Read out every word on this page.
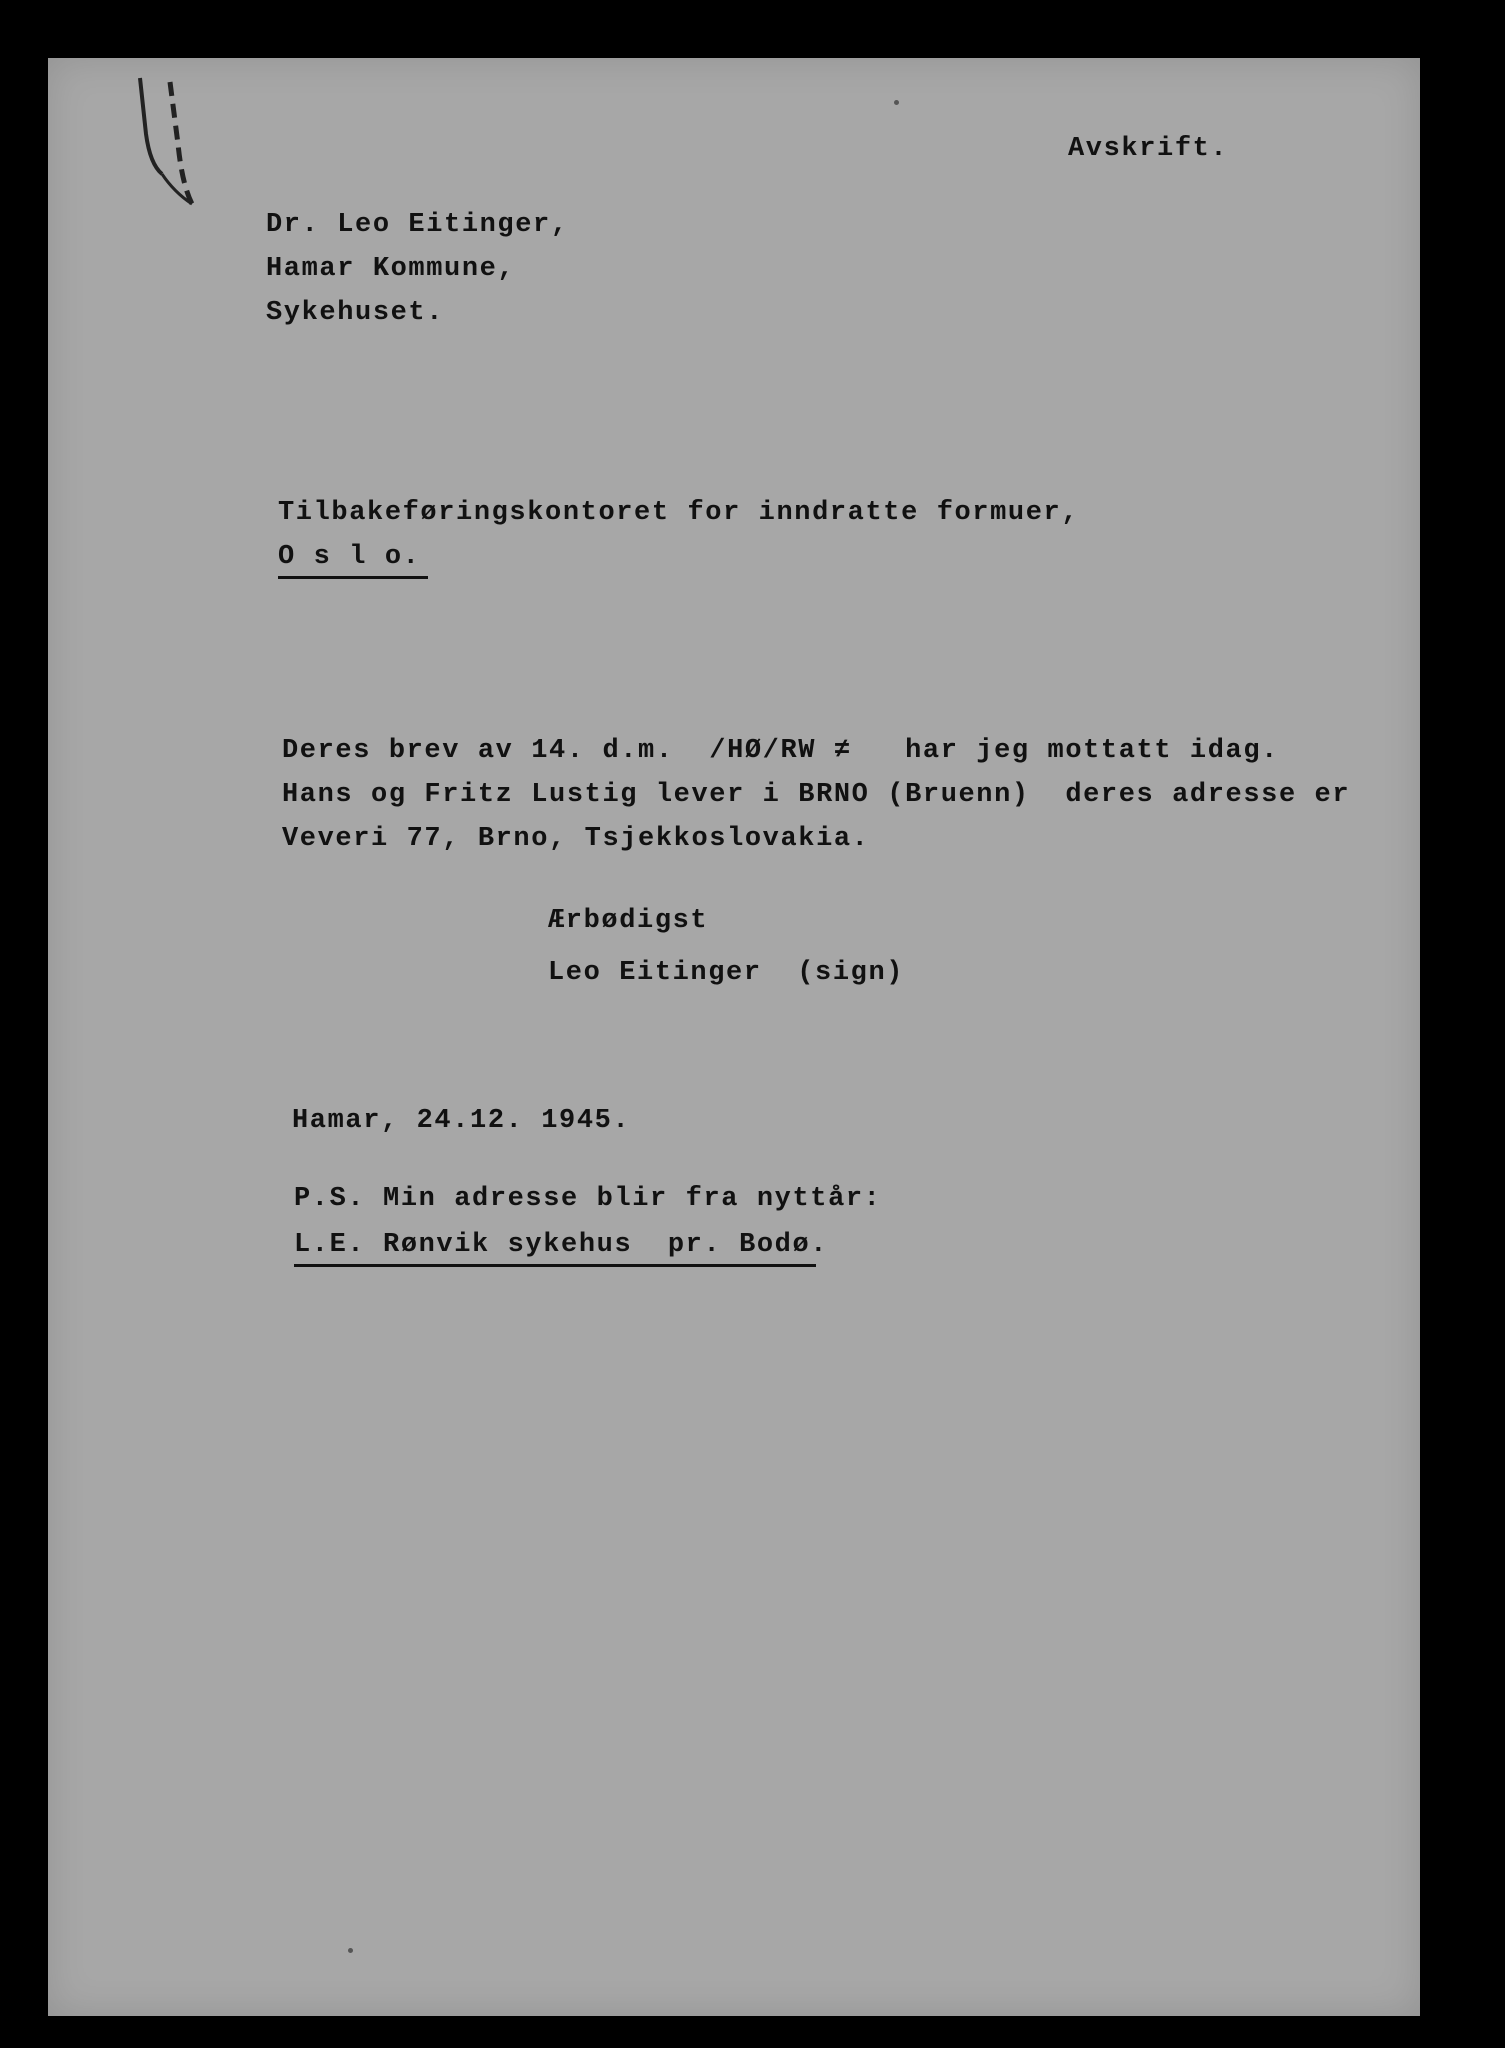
Avskrift.
Dr. Leo Eitinger,
Hamar Kommune,
Sykehuset.
Tilbakeføringskontoret for inndratte formuer,
O s l o.
Deres brev av 14. d.m.  /HØ/RW ≠   har jeg mottatt idag.
Hans og Fritz Lustig lever i BRNO (Bruenn)  deres adresse er
Veveri 77, Brno, Tsjekkoslovakia.
Ærbødigst
Leo Eitinger  (sign)
Hamar, 24.12. 1945.
P.S. Min adresse blir fra nyttår:
L.E. Rønvik sykehus  pr. Bodø.
